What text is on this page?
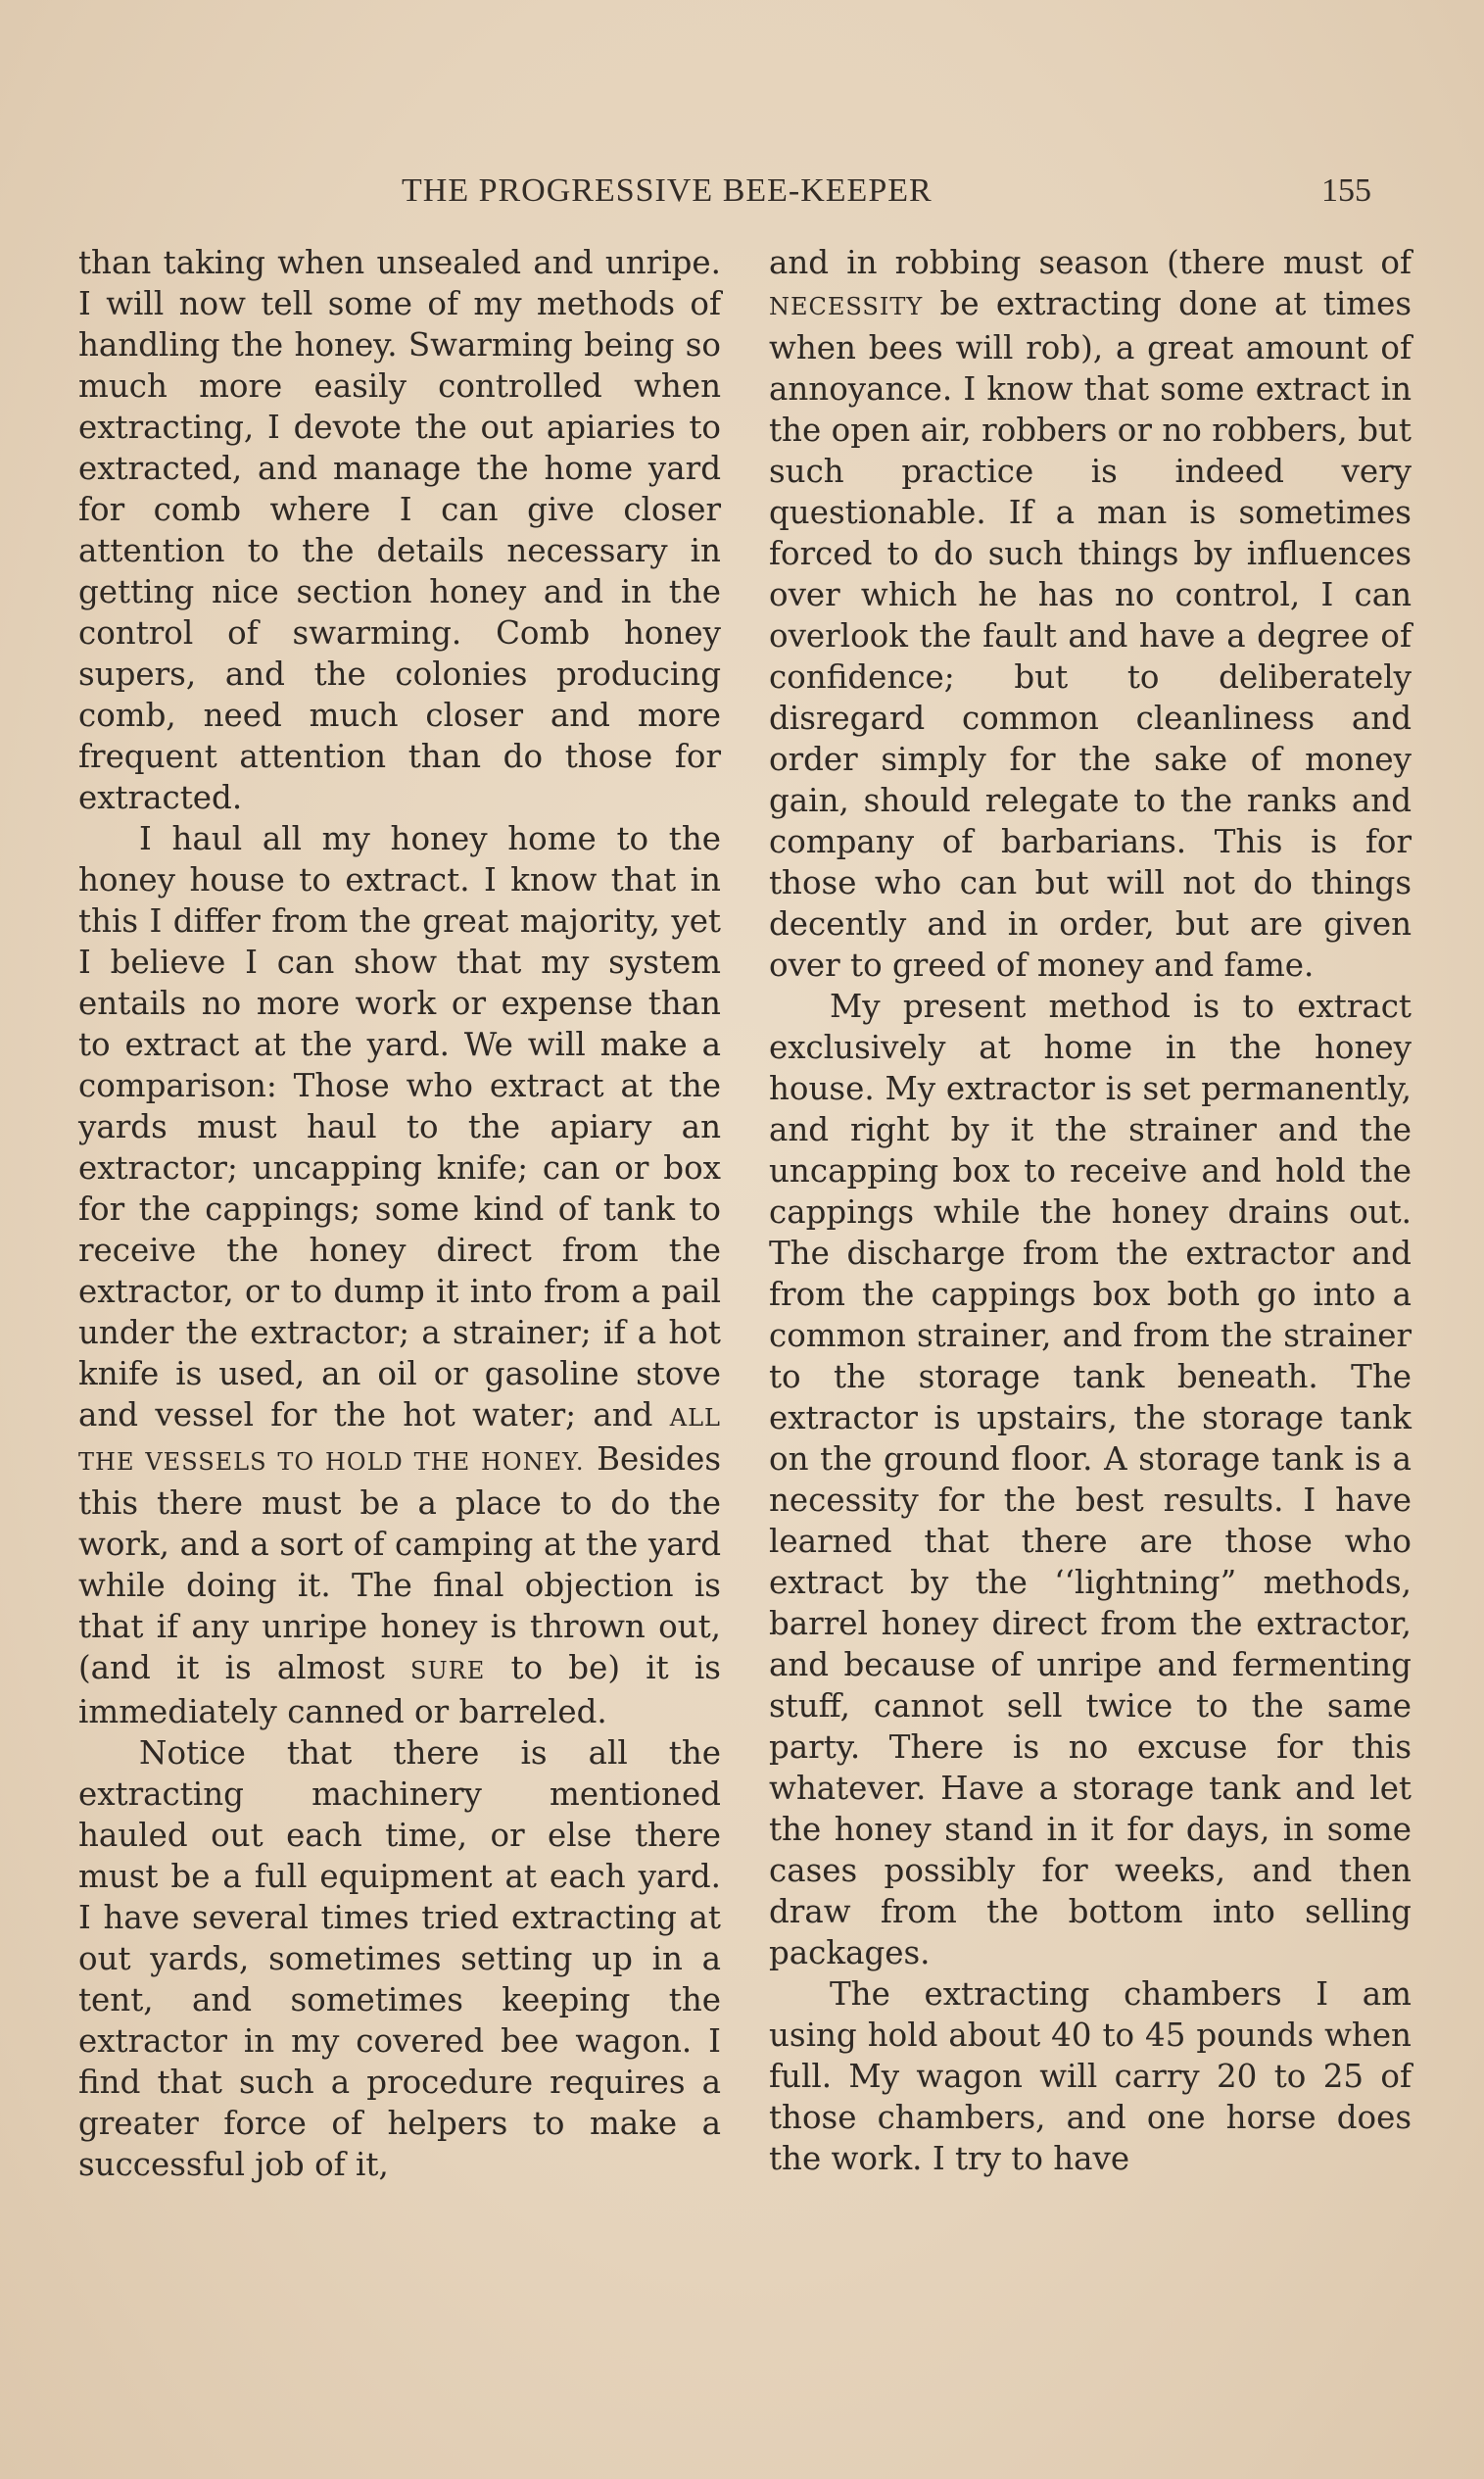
THE PROGRESSIVE BEE-KEEPER	155

than taking when unsealed and unripe. I will now tell some of my methods of handling the honey. Swarming being so much more easily controlled when extracting, I devote the out apiaries to extracted, and manage the home yard for comb where I can give closer attention to the details necessary in getting nice section honey and in the control of swarming. Comb honey supers, and the colonies producing comb, need much closer and more frequent attention than do those for extracted.

I haul all my honey home to the honey house to extract. I know that in this I differ from the great majority, yet I believe I can show that my system entails no more work or expense than to extract at the yard. We will make a comparison: Those who extract at the yards must haul to the apiary an extractor; uncapping knife; can or box for the cappings; some kind of tank to receive the honey direct from the extractor, or to dump it into from a pail under the extractor; a strainer; if a hot knife is used, an oil or gasoline stove and vessel for the hot water; and ALL THE VESSELS TO HOLD THE HONEY. Besides this there must be a place to do the work, and a sort of camping at the yard while doing it. The final objection is that if any unripe honey is thrown out, (and it is almost SURE to be) it is immediately canned or barreled.

Notice that there is all the extracting machinery mentioned hauled out each time, or else there must be a full equipment at each yard. I have several times tried extracting at out yards, sometimes setting up in a tent, and sometimes keeping the extractor in my covered bee wagon. I find that such a procedure requires a greater force of helpers to make a successful job of it,

and in robbing season (there must of NECESSITY be extracting done at times when bees will rob), a great amount of annoyance. I know that some extract in the open air, robbers or no robbers, but such practice is indeed very questionable. If a man is sometimes forced to do such things by influences over which he has no control, I can overlook the fault and have a degree of confidence; but to deliberately disregard common cleanliness and order simply for the sake of money gain, should relegate to the ranks and company of barbarians. This is for those who can but will not do things decently and in order, but are given over to greed of money and fame.

My present method is to extract exclusively at home in the honey house. My extractor is set permanently, and right by it the strainer and the uncapping box to receive and hold the cappings while the honey drains out. The discharge from the extractor and from the cappings box both go into a common strainer, and from the strainer to the storage tank beneath. The extractor is upstairs, the storage tank on the ground floor. A storage tank is a necessity for the best results. I have learned that there are those who extract by the ‘‘lightning” methods, barrel honey direct from the extractor, and because of unripe and fermenting stuff, cannot sell twice to the same party. There is no excuse for this whatever. Have a storage tank and let the honey stand in it for days, in some cases possibly for weeks, and then draw from the bottom into selling packages.

The extracting chambers I am using hold about 40 to 45 pounds when full. My wagon will carry 20 to 25 of those chambers, and one horse does the work. I try to have
